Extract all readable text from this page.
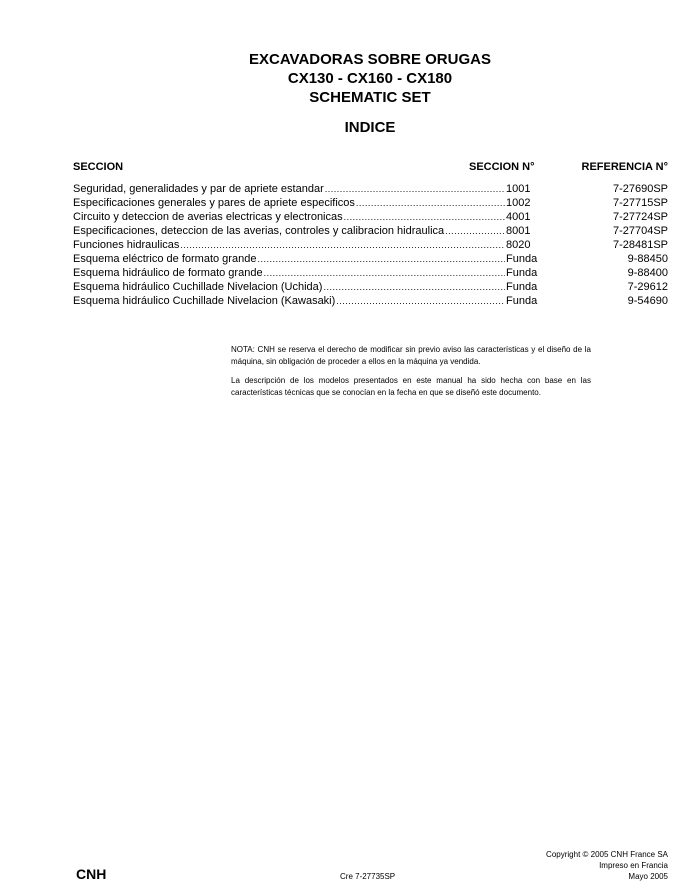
EXCAVADORAS SOBRE ORUGAS
CX130 - CX160 - CX180
SCHEMATIC SET
INDICE
SECCION	SECCION N°	REFERENCIA N°
Seguridad, generalidades y par de apriete estandar
.....	1001	7-27690SP
Especificaciones generales y pares de apriete especificos
.....	1002	7-27715SP
Circuito y deteccion de averias electricas y electronicas
.....	4001	7-27724SP
Especificaciones, deteccion de las averias, controles y calibracion hidraulica
.....	8001	7-27704SP
Funciones hidraulicas
.....	8020	7-28481SP
Esquema eléctrico de formato grande
.....	Funda	9-88450
Esquema hidráulico de formato grande
.....	Funda	9-88400
Esquema hidráulico Cuchillade Nivelacion (Uchida)
.....	Funda	7-29612
Esquema hidráulico Cuchillade Nivelacion (Kawasaki)
.....	Funda	9-54690

NOTA: CNH se reserva el derecho de modificar sin previo aviso las características y el diseño de la máquina, sin obligación de proceder a ellos en la máquina ya vendida.

La descripción de los modelos presentados en este manual ha sido hecha con base en las características técnicas que se conocían en la fecha en que se diseñó este documento.

CNH	Cre 7-27735SP
Copyright © 2005 CNH France SA
Impreso en Francia
Mayo 2005
